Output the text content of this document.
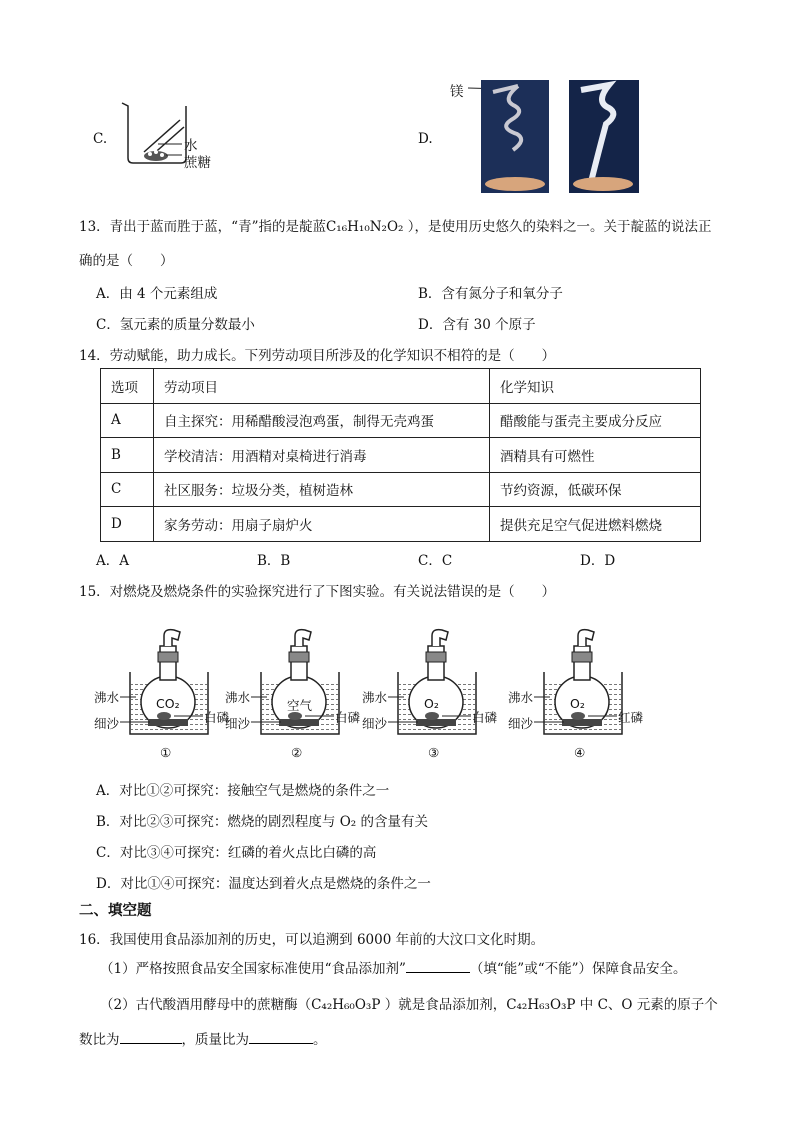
C.	水
蔗糖
D.
镁
13．青出于蓝而胜于蓝，“青”指的是靛蓝C₁₆H₁₀N₂O₂ ），是使用历史悠久的染料之一。关于靛蓝的说法正
确的是（　　）
A．由 4 个元素组成	B．含有氮分子和氧分子
C．氢元素的质量分数最小	D．含有 30 个原子
14．劳动赋能，助力成长。下列劳动项目所涉及的化学知识不相符的是（　　）
选项	劳动项目	化学知识
A	自主探究：用稀醋酸浸泡鸡蛋，制得无壳鸡蛋	醋酸能与蛋壳主要成分反应
B	学校清洁：用酒精对桌椅进行消毒	酒精具有可燃性
C	社区服务：垃圾分类，植树造林	节约资源，低碳环保
D	家务劳动：用扇子扇炉火	提供充足空气促进燃料燃烧
A．A	B．B	C．C	D．D
15．对燃烧及燃烧条件的实验探究进行了下图实验。有关说法错误的是（　　）
CO₂
沸水
细沙	白磷
①
空气
沸水
细沙	白磷
②
O₂
沸水
细沙	白磷
③
O₂
沸水
细沙	红磷
④
A．对比①②可探究：接触空气是燃烧的条件之一
B．对比②③可探究：燃烧的剧烈程度与 O₂ 的含量有关
C．对比③④可探究：红磷的着火点比白磷的高
D．对比①④可探究：温度达到着火点是燃烧的条件之一
二、填空题
16．我国使用食品添加剂的历史，可以追溯到 6000 年前的大汶口文化时期。
（1）严格按照食品安全国家标准使用“食品添加剂”	（填“能”或“不能”）保障食品安全。
（2）古代酸酒用酵母中的蔗糖酶（C₄₂H₆₀O₃P ）就是食品添加剂，C₄₂H₆₃O₃P 中 C、O 元素的原子个
数比为	，质量比为	。
